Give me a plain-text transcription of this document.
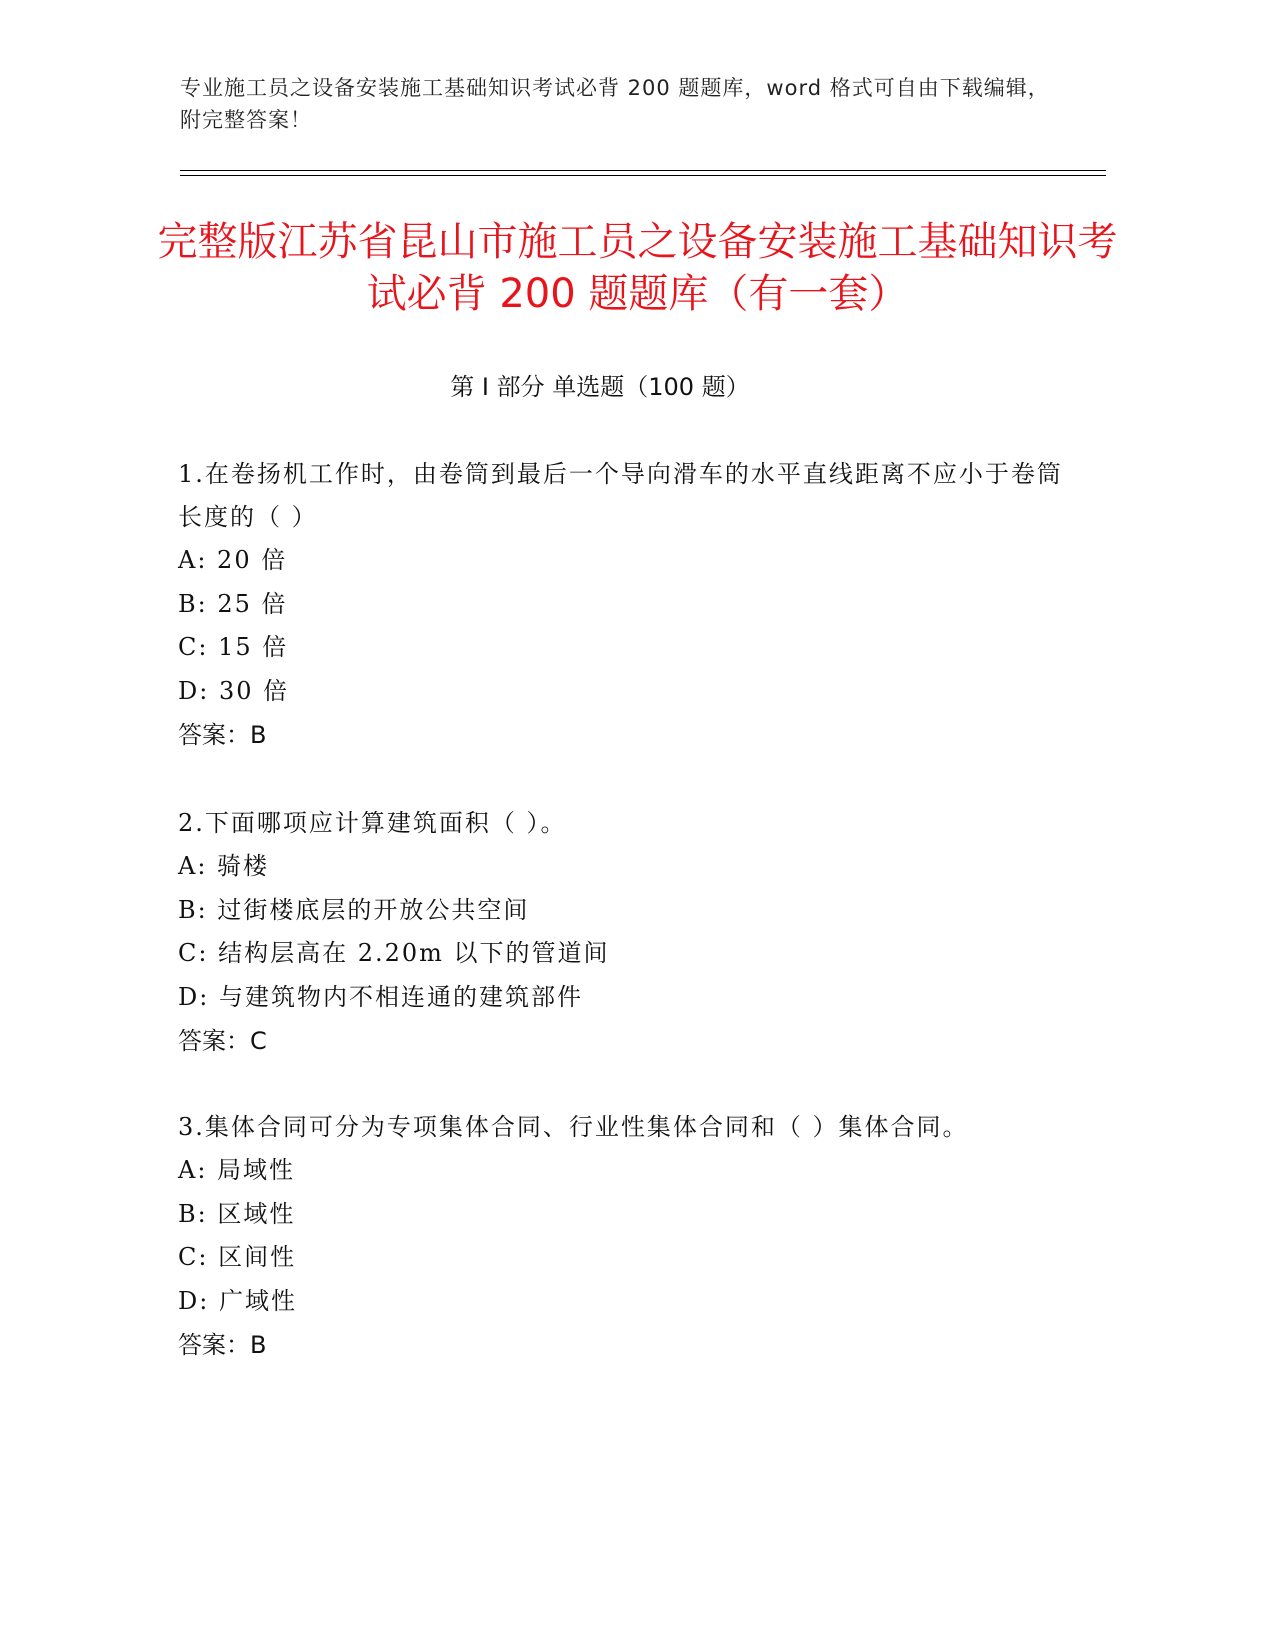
专业施工员之设备安装施工基础知识考试必背 200 题题库，word 格式可自由下载编辑，附完整答案！
完整版江苏省昆山市施工员之设备安装施工基础知识考试必背 200 题题库（有一套）
第 I 部分 单选题（100 题）

1.在卷扬机工作时，由卷筒到最后一个导向滑车的水平直线距离不应小于卷筒长度的（ ）

A: 20 倍

B: 25 倍

C: 15 倍

D: 30 倍

答案：B

2.下面哪项应计算建筑面积（ ）。

A: 骑楼

B: 过街楼底层的开放公共空间

C: 结构层高在 2.20m 以下的管道间

D: 与建筑物内不相连通的建筑部件

答案：C

3.集体合同可分为专项集体合同、行业性集体合同和（ ）集体合同。

A: 局域性

B: 区域性

C: 区间性

D: 广域性

答案：B
